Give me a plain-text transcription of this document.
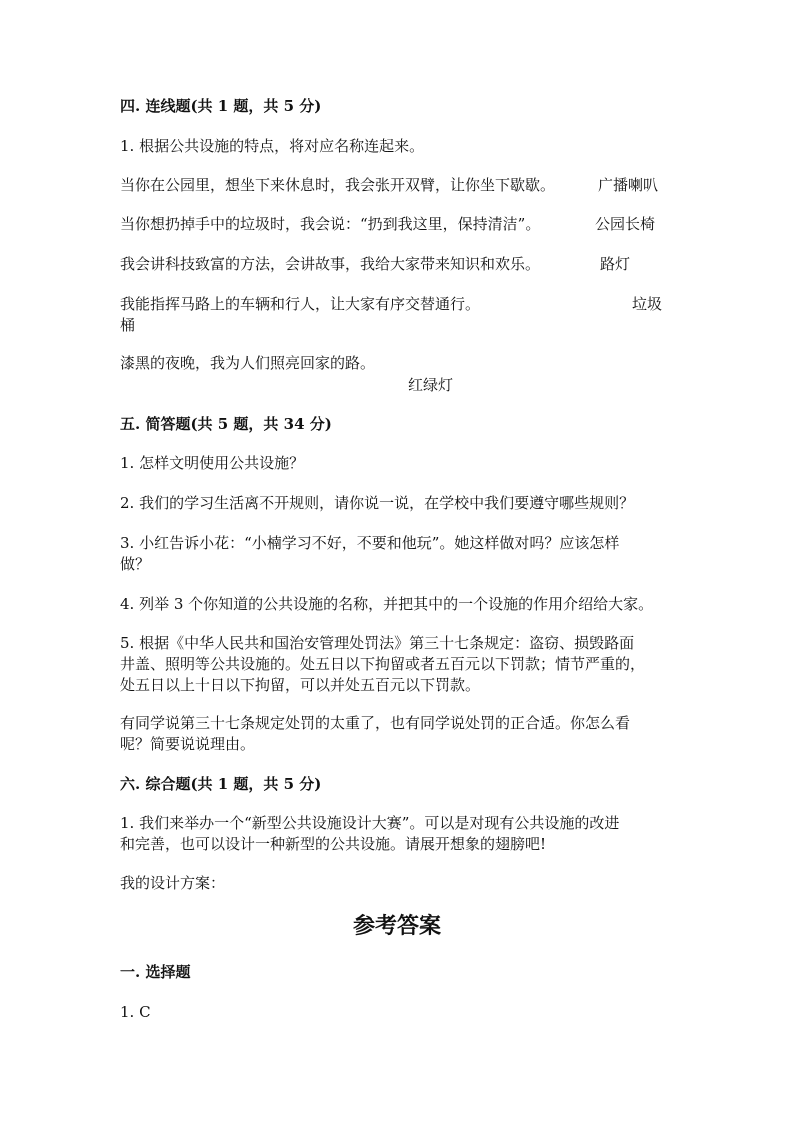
四. 连线题(共 1 题，共 5 分)
1. 根据公共设施的特点，将对应名称连起来。
当你在公园里，想坐下来休息时，我会张开双臂，让你坐下歇歇。	广播喇叭
当你想扔掉手中的垃圾时，我会说：“扔到我这里，保持清洁”。	公园长椅
我会讲科技致富的方法，会讲故事，我给大家带来知识和欢乐。	路灯
我能指挥马路上的车辆和行人，让大家有序交替通行。	垃圾
桶
漆黑的夜晚，我为人们照亮回家的路。
红绿灯
五. 简答题(共 5 题，共 34 分)
1. 怎样文明使用公共设施？
2. 我们的学习生活离不开规则，请你说一说，在学校中我们要遵守哪些规则？
3. 小红告诉小花：“小楠学习不好，不要和他玩”。她这样做对吗？应该怎样
做？
4. 列举 3 个你知道的公共设施的名称，并把其中的一个设施的作用介绍给大家。
5. 根据《中华人民共和国治安管理处罚法》第三十七条规定：盗窃、损毁路面
井盖、照明等公共设施的。处五日以下拘留或者五百元以下罚款；情节严重的，
处五日以上十日以下拘留，可以并处五百元以下罚款。
有同学说第三十七条规定处罚的太重了，也有同学说处罚的正合适。你怎么看
呢？简要说说理由。
六. 综合题(共 1 题，共 5 分)
1. 我们来举办一个“新型公共设施设计大赛”。可以是对现有公共设施的改进
和完善，也可以设计一种新型的公共设施。请展开想象的翅膀吧!
我的设计方案：
参考答案
一. 选择题
1. C
